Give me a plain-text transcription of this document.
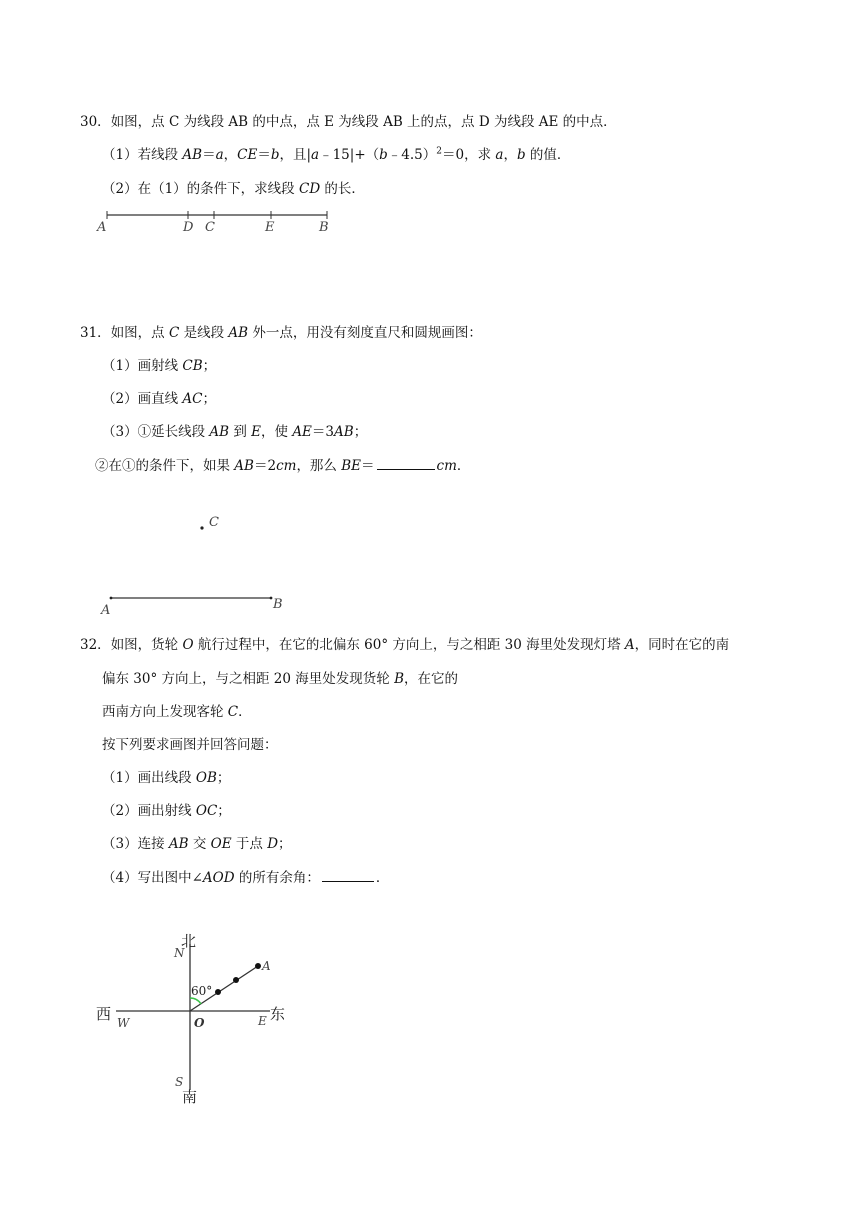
30．如图，点 C 为线段 AB 的中点，点 E 为线段 AB 上的点，点 D 为线段 AE 的中点．
（1）若线段 AB＝a，CE＝b，且|a﹣15|+（b﹣4.5）$^2$＝0，求 a，b 的值．
（2）在（1）的条件下，求线段 CD 的长．
31．如图，点 C 是线段 AB 外一点，用没有刻度直尺和圆规画图：
（1）画射线 CB；
（2）画直线 AC；
（3）①延长线段 AB 到 E，使 AE＝3AB；
②在①的条件下，如果 AB＝2cm，那么 BE＝	cm．
32．如图，货轮 O 航行过程中，在它的北偏东 60° 方向上，与之相距 30 海里处发现灯塔 A，同时在它的南
偏东 30° 方向上，与之相距 20 海里处发现货轮 B，在它的
西南方向上发现客轮 C．
按下列要求画图并回答问题：
（1）画出线段 OB；
（2）画出射线 OC；
（3）连接 AB 交 OE 于点 D；
（4）写出图中∠AOD 的所有余角：	．
A	D C	E	B
C
A	B
北
N
A
60°
西 W	O	E 东
S
南
